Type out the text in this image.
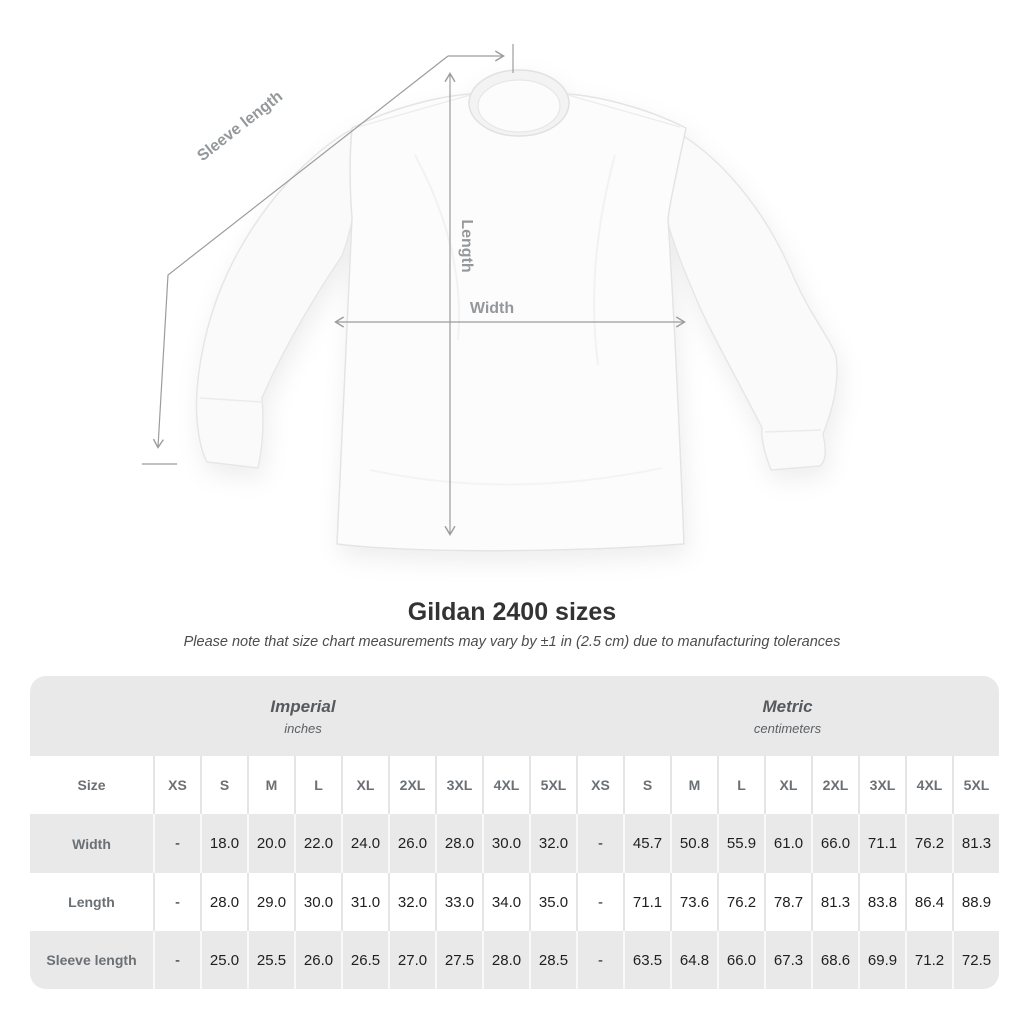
Sleeve length
Length
Width
Gildan 2400 sizes

Please note that size chart measurements may vary by ±1 in (2.5 cm) due to manufacturing tolerances

Imperial
inches
Metric
centimeters
Size	XS	S	M	L	XL	2XL	3XL	4XL	5XL	XS	S	M	L	XL	2XL	3XL	4XL	5XL
Width	-	18.0	20.0	22.0	24.0	26.0	28.0	30.0	32.0	-	45.7	50.8	55.9	61.0	66.0	71.1	76.2	81.3
Length	-	28.0	29.0	30.0	31.0	32.0	33.0	34.0	35.0	-	71.1	73.6	76.2	78.7	81.3	83.8	86.4	88.9
Sleeve length	-	25.0	25.5	26.0	26.5	27.0	27.5	28.0	28.5	-	63.5	64.8	66.0	67.3	68.6	69.9	71.2	72.5
